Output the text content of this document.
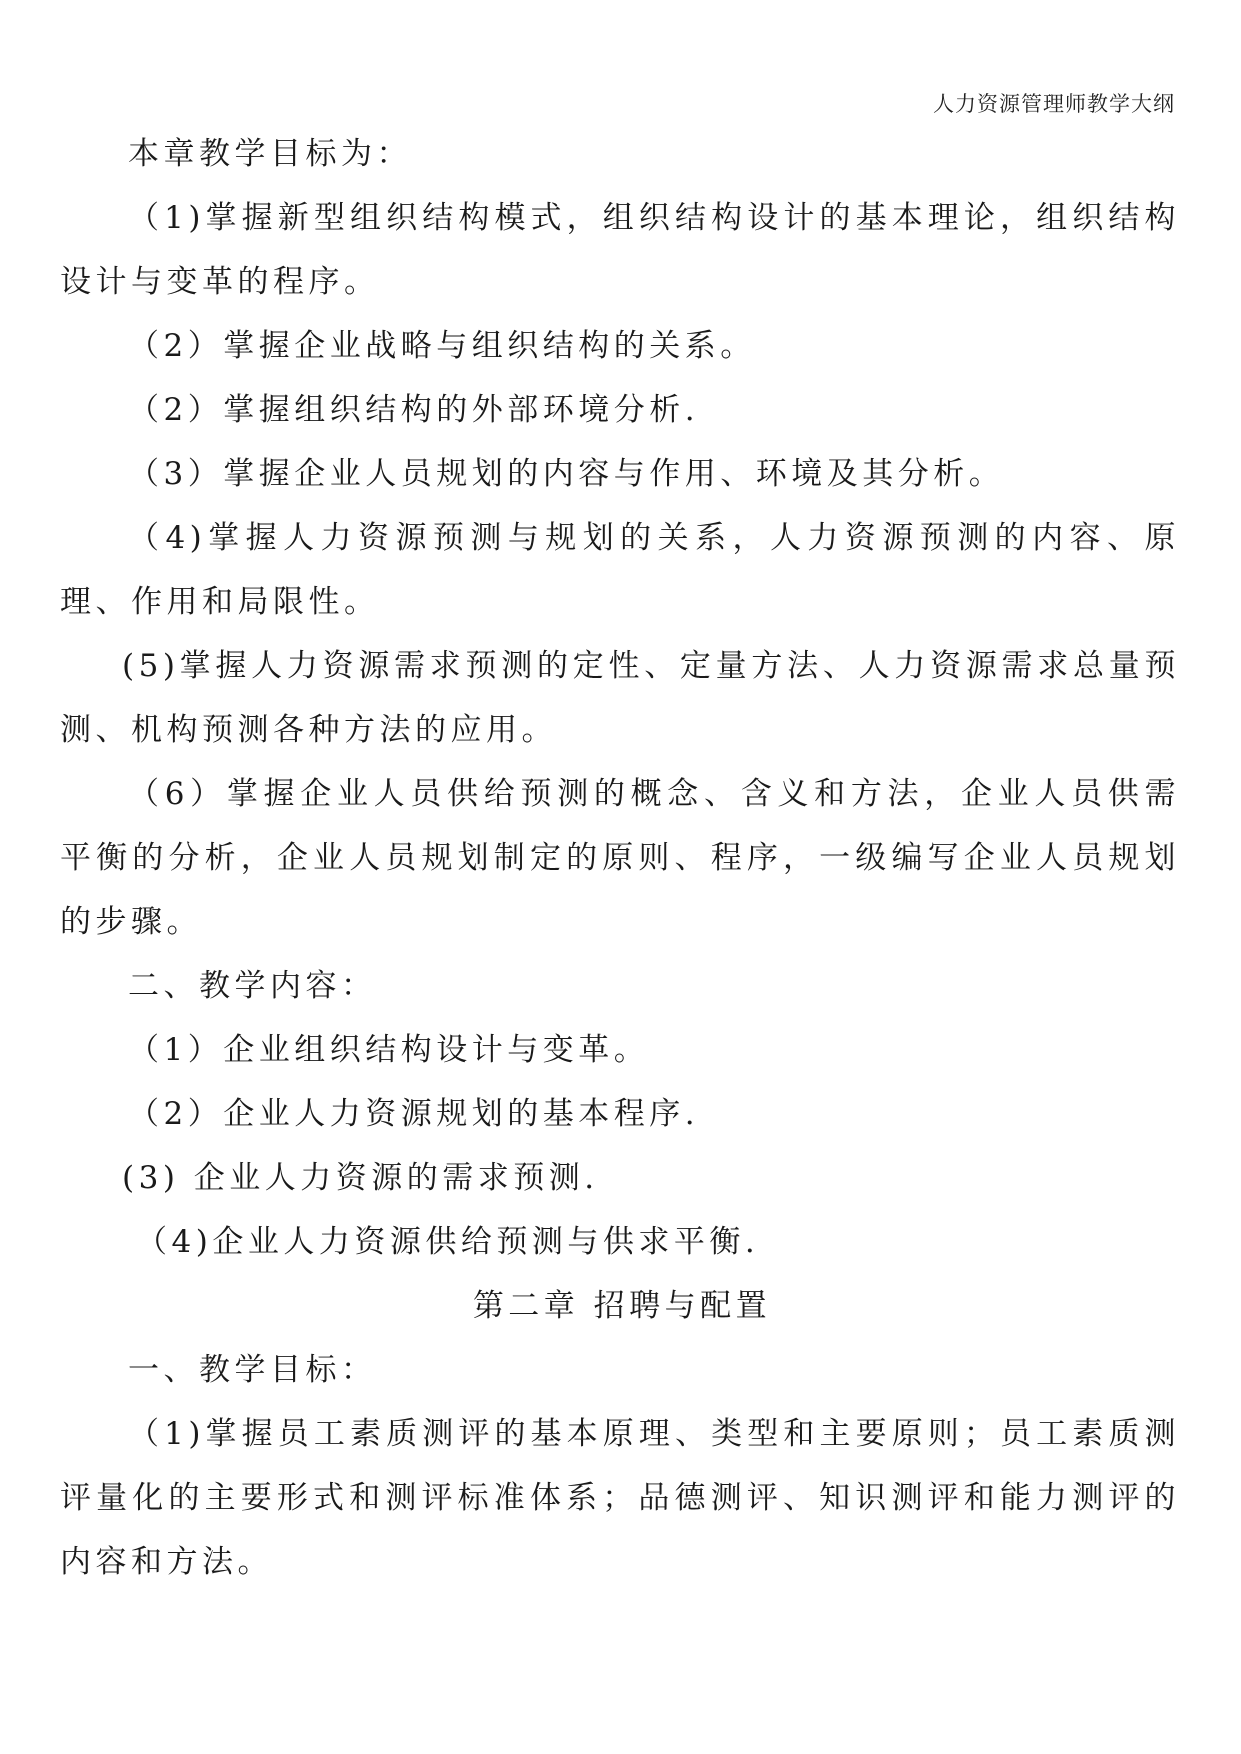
人力资源管理师教学大纲

本章教学目标为：

（1)掌握新型组织结构模式，组织结构设计的基本理论，组织结构设计与变革的程序。

（2）掌握企业战略与组织结构的关系。

（2）掌握组织结构的外部环境分析.

（3）掌握企业人员规划的内容与作用、环境及其分析。

（4)掌握人力资源预测与规划的关系，人力资源预测的内容、原理、作用和局限性。

(5)掌握人力资源需求预测的定性、定量方法、人力资源需求总量预测、机构预测各种方法的应用。

（6）掌握企业人员供给预测的概念、含义和方法，企业人员供需平衡的分析，企业人员规划制定的原则、程序，一级编写企业人员规划的步骤。

二、教学内容：

（1）企业组织结构设计与变革。

（2）企业人力资源规划的基本程序.

(3) 企业人力资源的需求预测.

（4)企业人力资源供给预测与供求平衡.

第二章 招聘与配置

一、教学目标：

（1)掌握员工素质测评的基本原理、类型和主要原则；员工素质测评量化的主要形式和测评标准体系；品德测评、知识测评和能力测评的内容和方法。
